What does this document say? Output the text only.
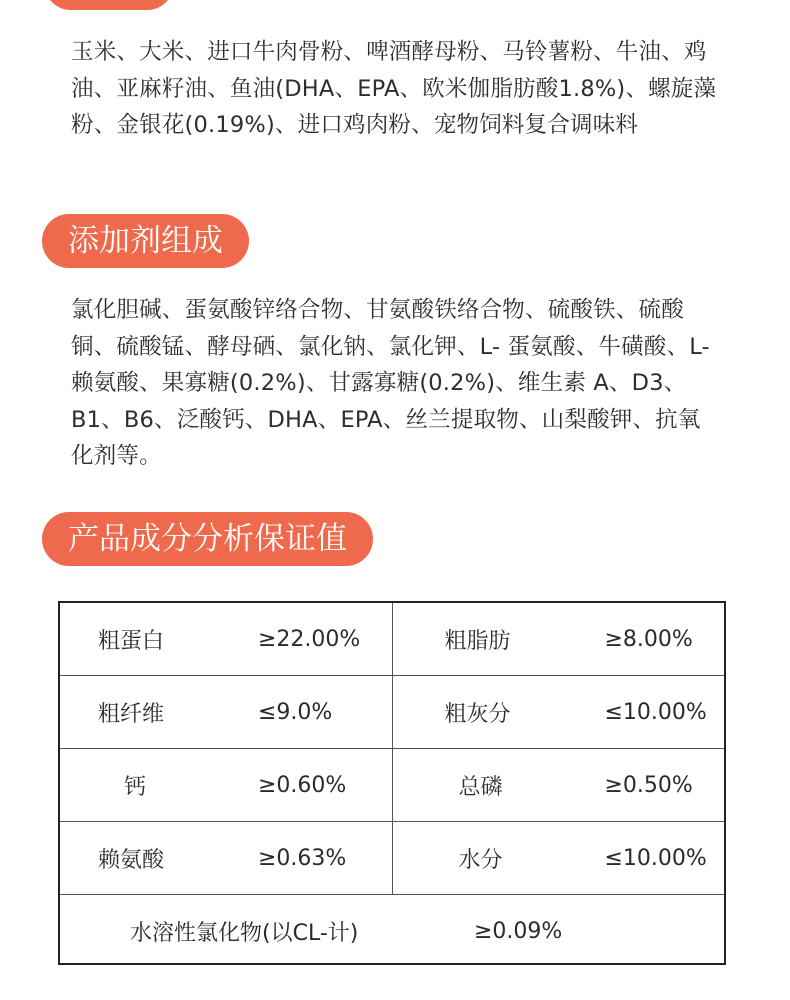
玉米、大米、进口牛肉骨粉、啤酒酵母粉、马铃薯粉、牛油、鸡油、亚麻籽油、鱼油(DHA、EPA、欧米伽脂肪酸1.8%)、螺旋藻粉、金银花(0.19%)、进口鸡肉粉、宠物饲料复合调味料
添加剂组成
氯化胆碱、蛋氨酸锌络合物、甘氨酸铁络合物、硫酸铁、硫酸铜、硫酸锰、酵母硒、氯化钠、氯化钾、L- 蛋氨酸、牛磺酸、L- 赖氨酸、果寡糖(0.2%)、甘露寡糖(0.2%)、维生素 A、D3、B1、B6、泛酸钙、DHA、EPA、丝兰提取物、山梨酸钾、抗氧化剂等。
产品成分分析保证值
粗蛋白 ≥22.00%	粗脂肪 ≥8.00%

粗纤维 ≤9.0%	粗灰分 ≤10.00%

钙 ≥0.60%	总磷 ≥0.50%

赖氨酸 ≥0.63%	水分 ≤10.00%

水溶性氯化物(以CL-计) ≥0.09%	
